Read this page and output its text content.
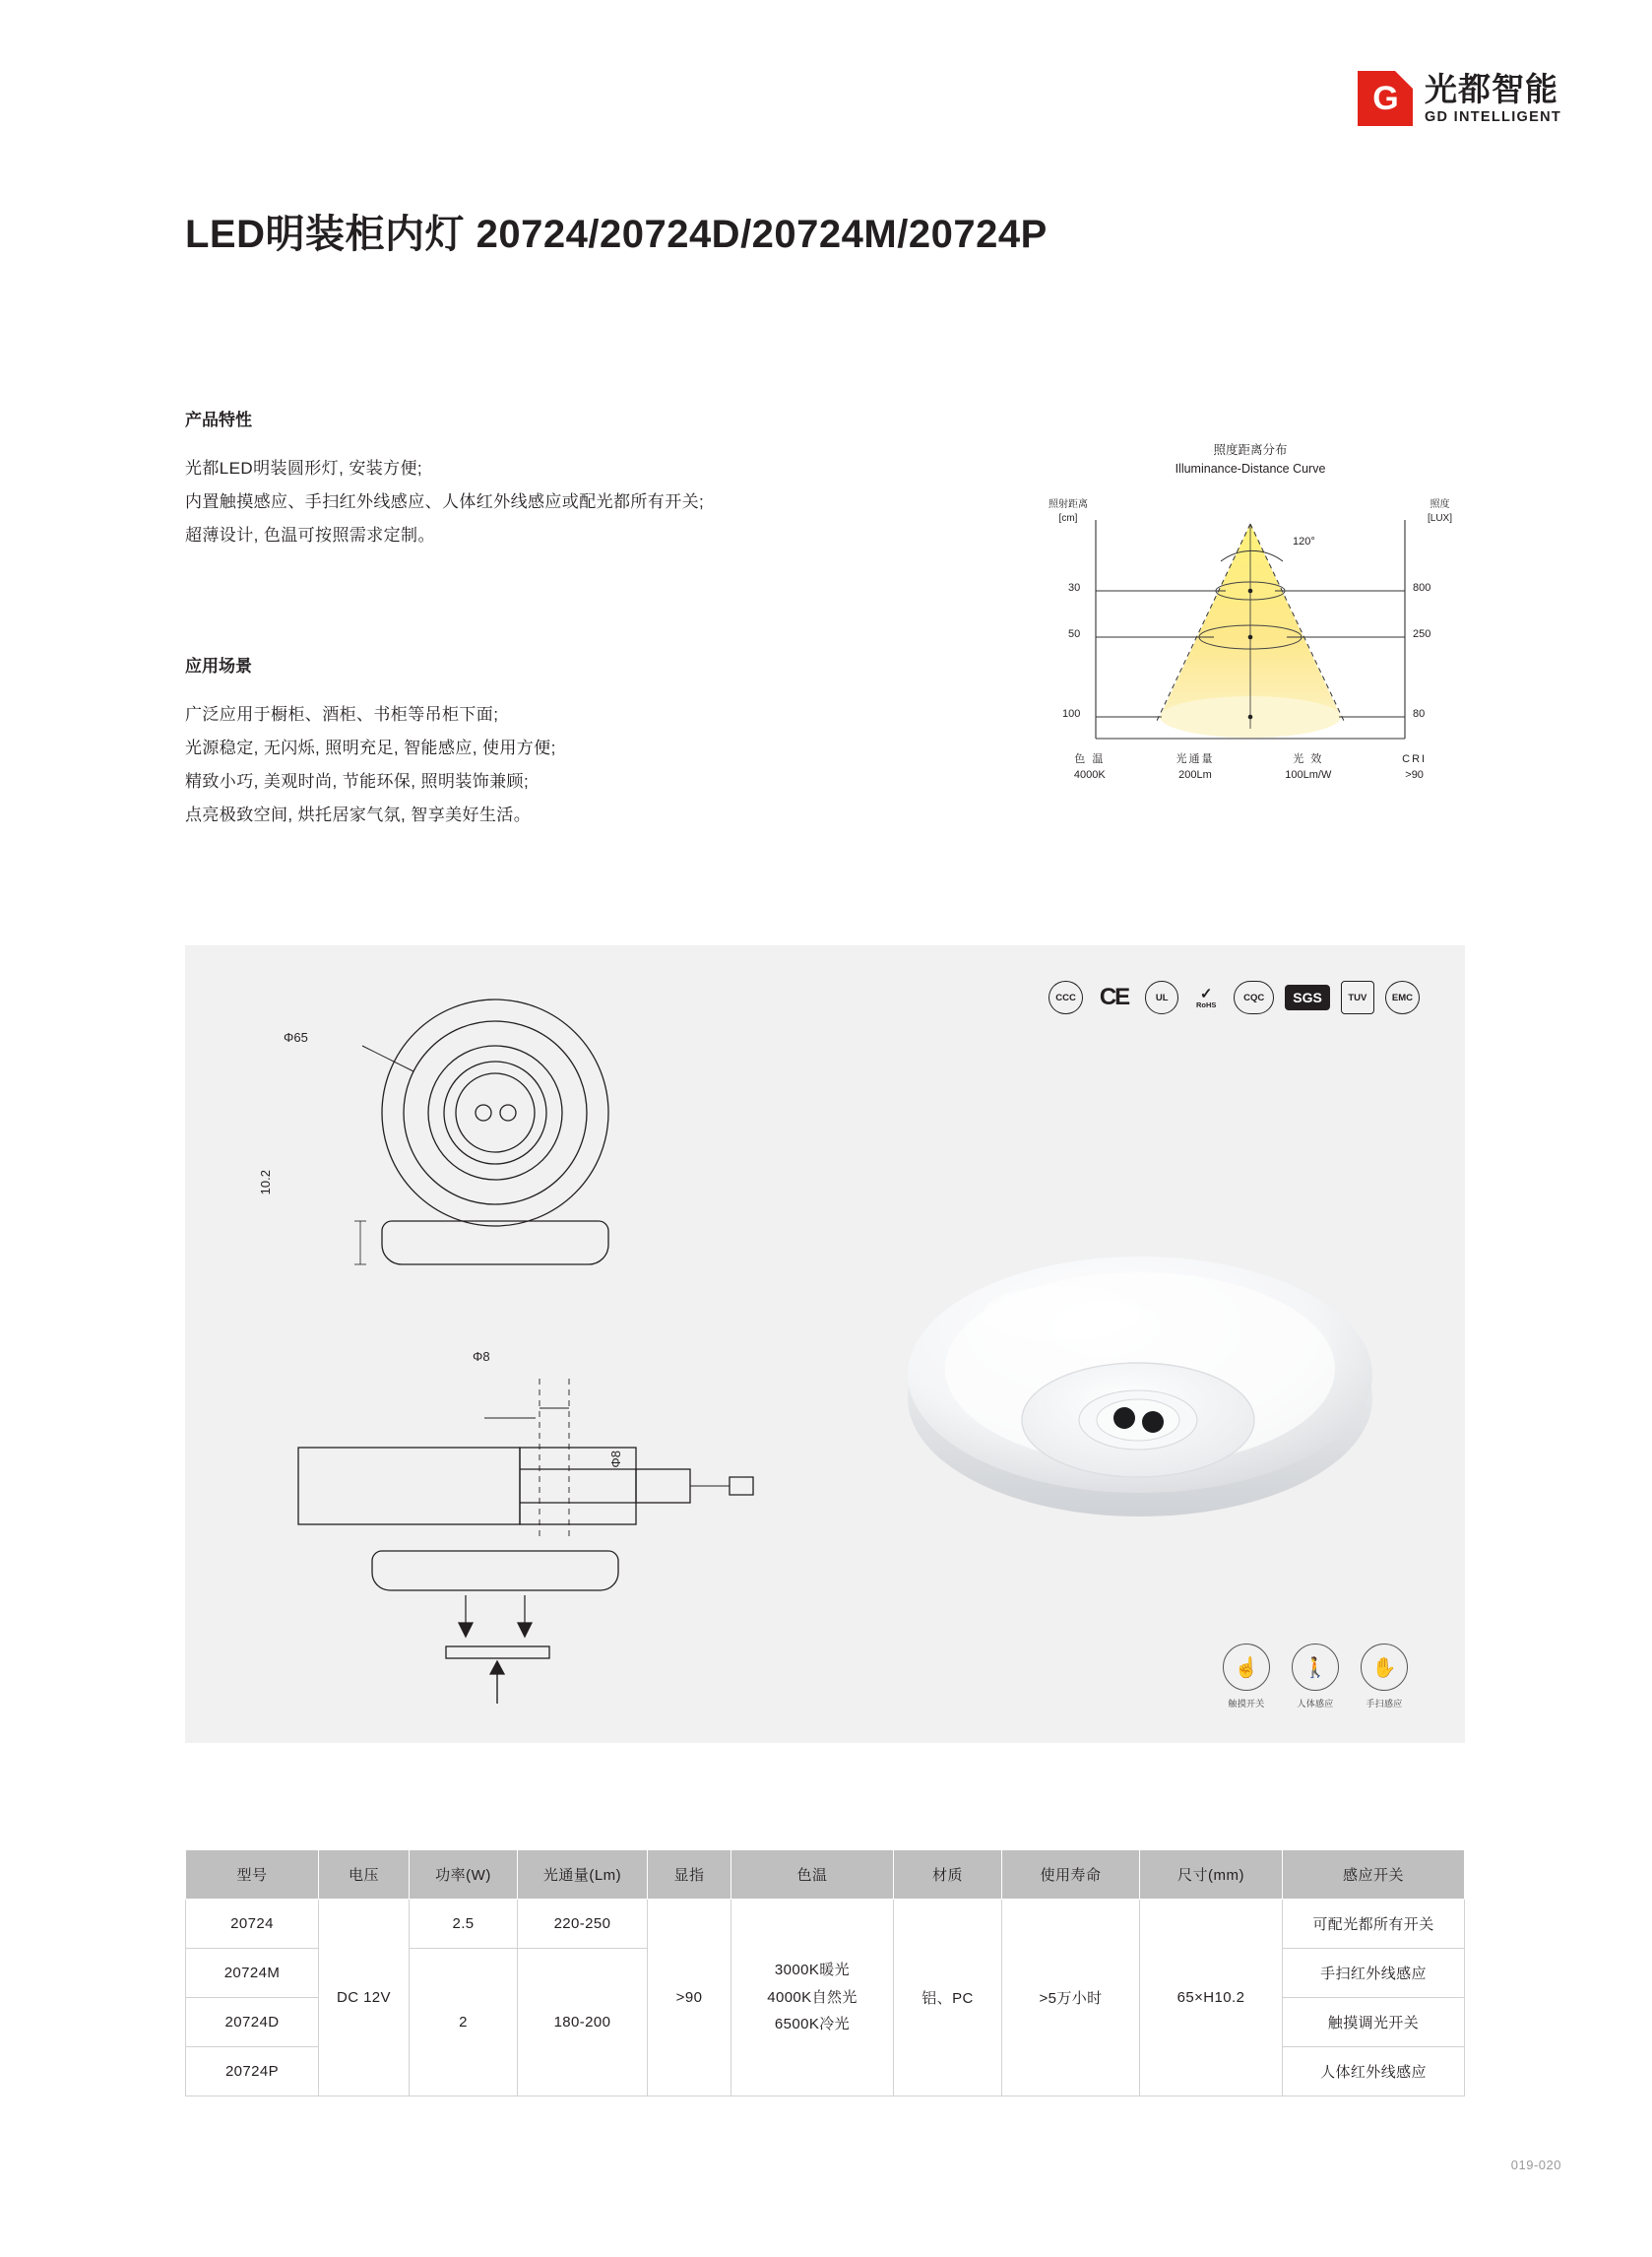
G 光都智能
GD INTELLIGENT
LED明装柜内灯 20724/20724D/20724M/20724P
产品特性
光都LED明装圆形灯, 安装方便;
内置触摸感应、手扫红外线感应、人体红外线感应或配光都所有开关;
超薄设计, 色温可按照需求定制。
应用场景
广泛应用于橱柜、酒柜、书柜等吊柜下面;
光源稳定, 无闪烁, 照明充足, 智能感应, 使用方便;
精致小巧, 美观时尚, 节能环保, 照明装饰兼顾;
点亮极致空间, 烘托居家气氛, 智享美好生活。
照度距离分布
Illuminance-Distance Curve
照射距离
[cm]
照度
[LUX]
120°
30
50
100
800
250
80
色 温
4000K
光通量
200Lm
光 效
100Lm/W
CRI
>90
CCC CE	UL	✓
RoHS
CQC	SGS	TUV	EMC
Φ65
10.2
Φ8
Φ8
☝
触摸开关
🚶
人体感应
✋
手扫感应
型号	电压	功率(W)	光通量(Lm)	显指	色温	材质	使用寿命	尺寸(mm)	感应开关
20724	DC 12V	2.5	220-250	>90	3000K暖光
4000K自然光
6500K冷光	铝、PC	>5万小时	65×H10.2	可配光都所有开关
20724M		2	180-200						手扫红外线感应
20724D									触摸调光开关
20724P									人体红外线感应
019-020
